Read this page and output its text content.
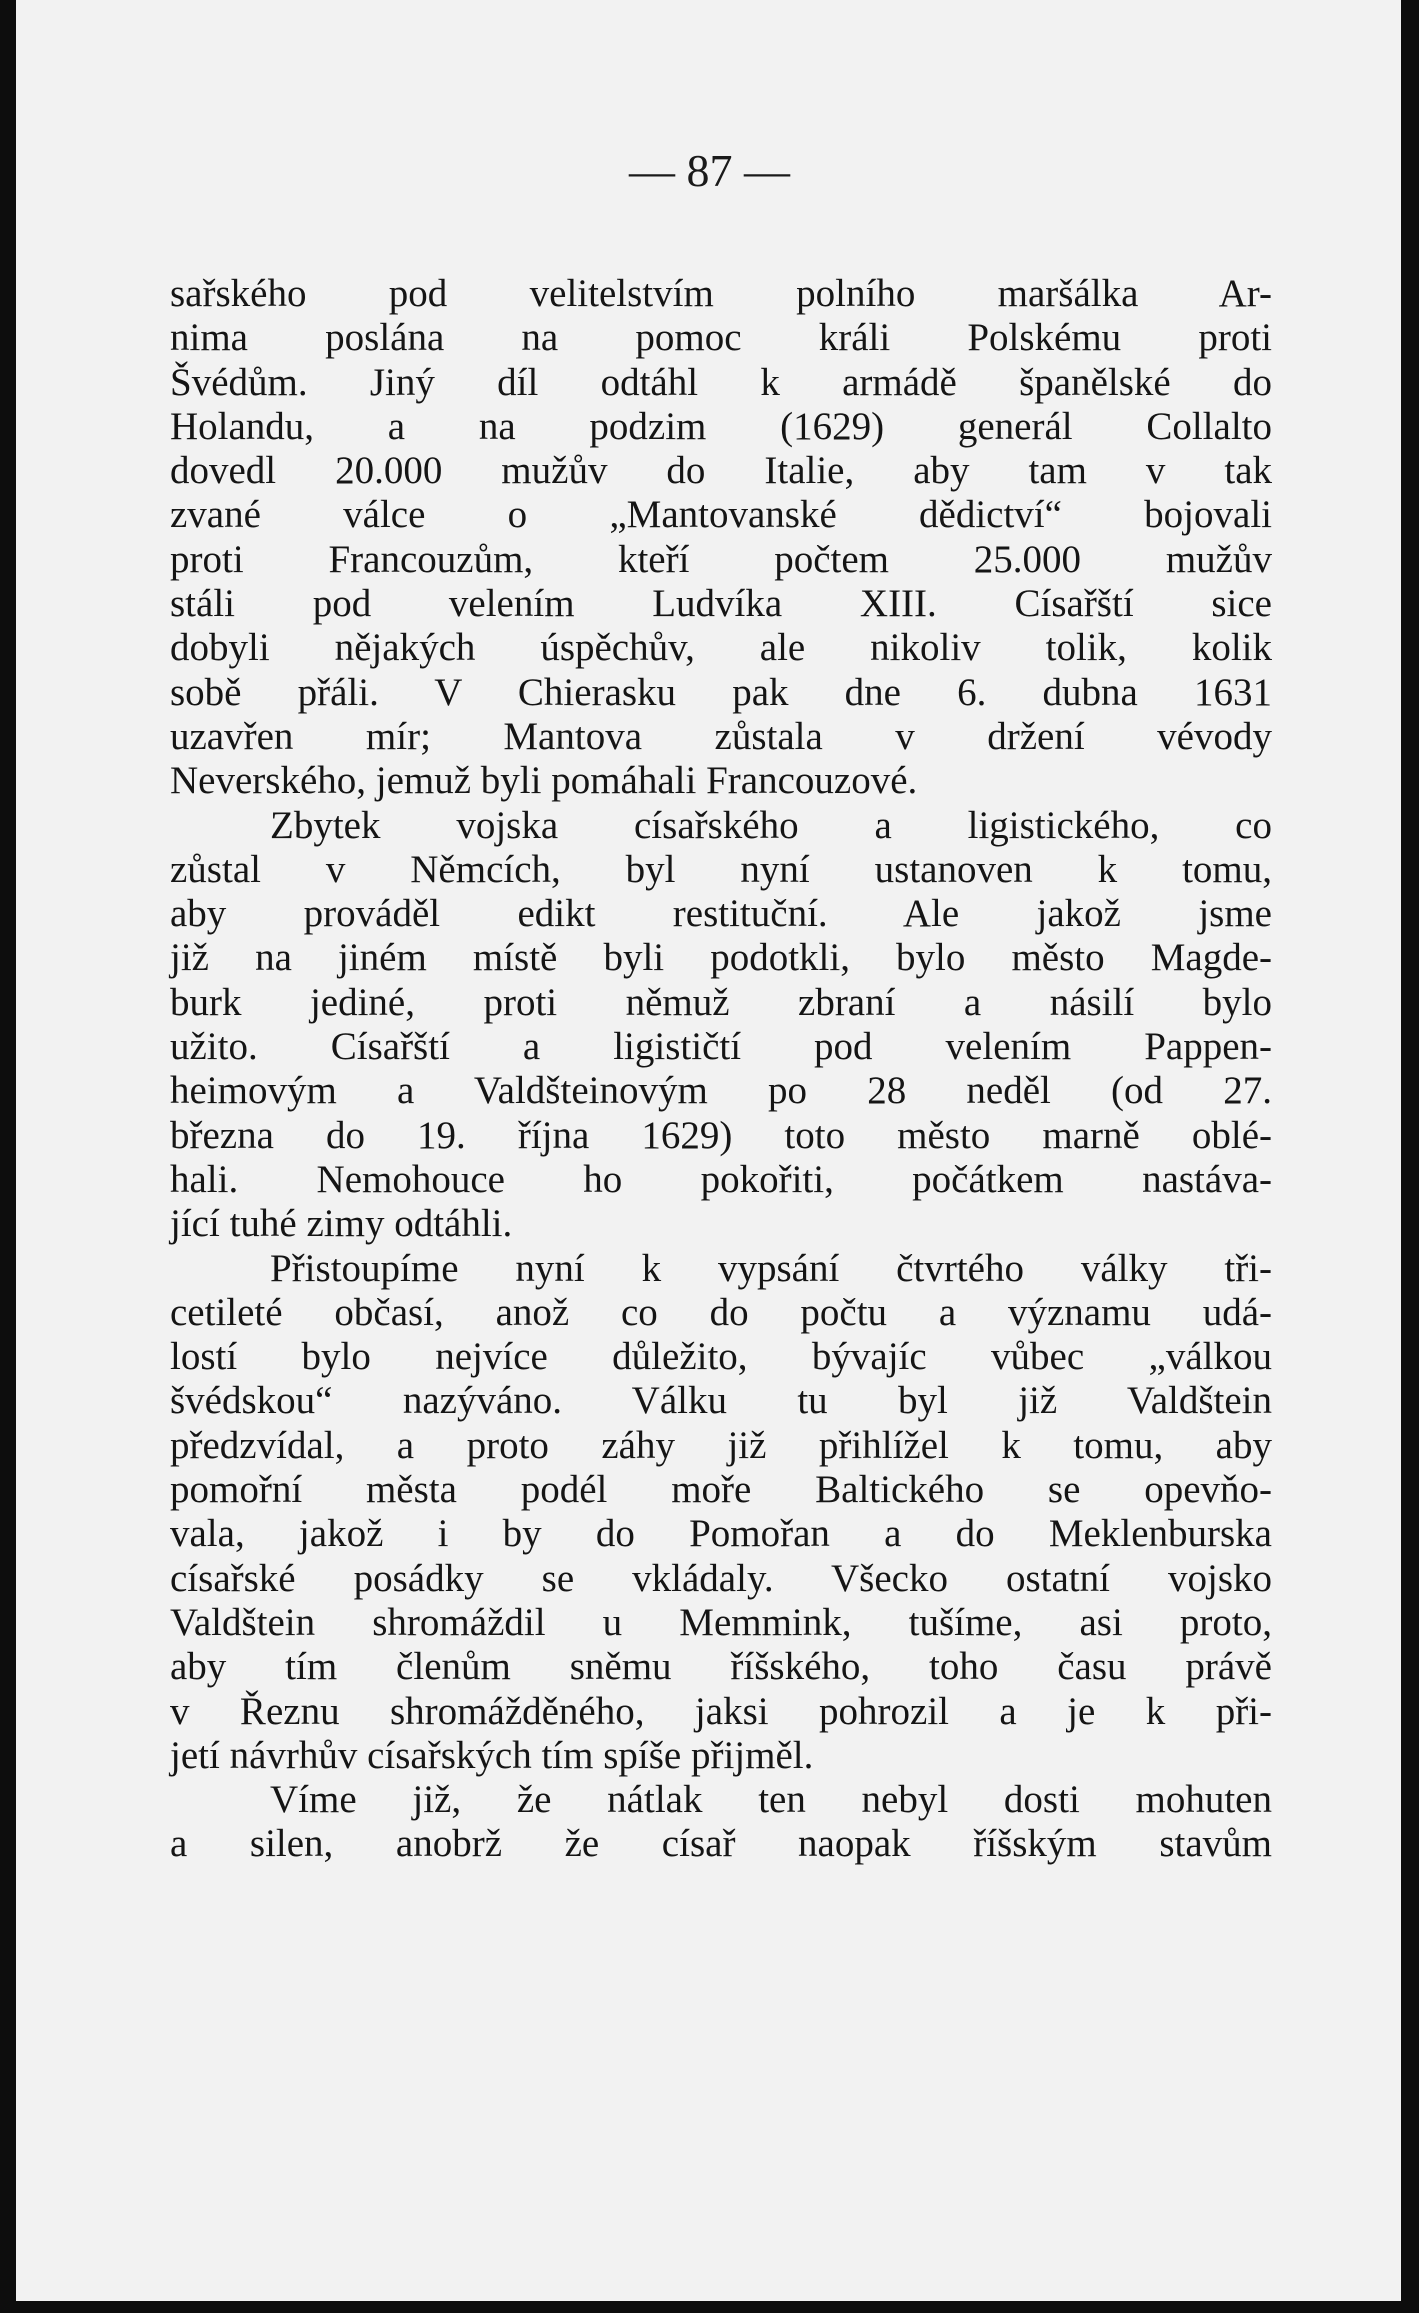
— 87 —

sařského pod velitelstvím polního maršálka Ar-
nima poslána na pomoc králi Polskému proti
Švédům. Jiný díl odtáhl k armádě španělské do
Holandu, a na podzim (1629) generál Collalto
dovedl 20.000 mužův do Italie, aby tam v tak
zvané válce o „Mantovanské dědictví“ bojovali
proti Francouzům, kteří počtem 25.000 mužův
stáli pod velením Ludvíka XIII. Císařští sice
dobyli nějakých úspěchův, ale nikoliv tolik, kolik
sobě přáli. V Chierasku pak dne 6. dubna 1631
uzavřen mír; Mantova zůstala v držení vévody
Neverského, jemuž byli pomáhali Francouzové.

Zbytek vojska císařského a ligistického, co
zůstal v Němcích, byl nyní ustanoven k tomu,
aby prováděl edikt restituční. Ale jakož jsme
již na jiném místě byli podotkli, bylo město Magde-
burk jediné, proti němuž zbraní a násilí bylo
užito. Císařští a ligističtí pod velením Pappen-
heimovým a Valdšteinovým po 28 neděl (od 27.
března do 19. října 1629) toto město marně oblé-
hali. Nemohouce ho pokořiti, počátkem nastáva-
jící tuhé zimy odtáhli.

Přistoupíme nyní k vypsání čtvrtého války tři-
cetileté občasí, anož co do počtu a významu udá-
lostí bylo nejvíce důležito, bývajíc vůbec „válkou
švédskou“ nazýváno. Válku tu byl již Valdštein
předzvídal, a proto záhy již přihlížel k tomu, aby
pomořní města podél moře Baltického se opevňo-
vala, jakož i by do Pomořan a do Meklenburska
císařské posádky se vkládaly. Všecko ostatní vojsko
Valdštein shromáždil u Memmink, tušíme, asi proto,
aby tím členům sněmu říšského, toho času právě
v Řeznu shromážděného, jaksi pohrozil a je k při-
jetí návrhův císařských tím spíše přijměl.

Víme již, že nátlak ten nebyl dosti mohuten
a silen, anobrž že císař naopak říšským stavům
